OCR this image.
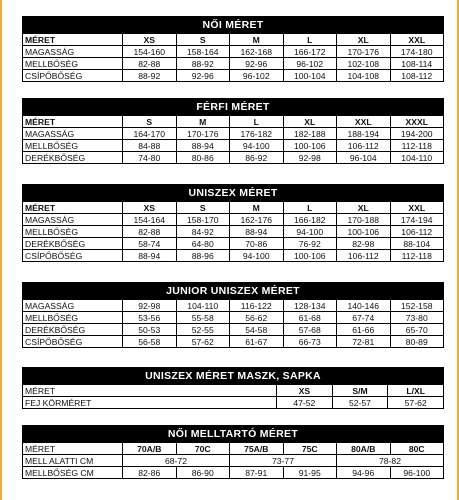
NŐI MÉRET						
MÉRET	XS	S	M	L	XL	XXL
MAGASSÁG	154-160	158-164	162-168	166-172	170-176	174-180
MELLBŐSÉG	82-88	88-92	92-96	96-102	102-108	108-114
CSÍPŐBŐSÉG	88-92	92-96	96-102	100-104	104-108	108-112
FÉRFI MÉRET						
MÉRET	S	M	L	XL	XXL	XXXL
MAGASSÁG	164-170	170-176	176-182	182-188	188-194	194-200
MELLBŐSÉG	84-88	88-94	94-100	100-106	106-112	112-118
DERÉKBŐSÉG	74-80	80-86	86-92	92-98	96-104	104-110
UNISZEX MÉRET						
MÉRET	XS	S	M	L	XL	XXL
MAGASSÁG	154-164	158-170	162-176	166-182	170-188	174-194
MELLBŐSÉG	82-88	84-92	88-94	94-100	100-106	106-112
DERÉKBŐSÉG	58-74	64-80	70-86	76-92	82-98	88-104
CSÍPŐBŐSÉG	88-94	88-96	94-100	100-106	106-112	112-118
JUNIOR UNISZEX MÉRET						
MAGASSÁG	92-98	104-110	116-122	128-134	140-146	152-158
MELLBŐSÉG	53-56	55-58	56-62	61-68	67-74	73-80
DERÉKBŐSÉG	50-53	52-55	54-58	57-68	61-66	65-70
CSÍPŐBŐSÉG	56-58	57-62	61-67	66-73	72-81	80-89
UNISZEX MÉRET MASZK, SAPKA			
MÉRET	XS	S/M	L/XL
FEJ KÖRMÉRET	47-52	52-57	57-62
NŐI MELLTARTÓ MÉRET						
MÉRET	70A/B	70C	75A/B	75C	80A/B	80C
MELL ALATTI CM	68-72		73-77		78-82	
MELLBŐSÉG CM	82-86	86-90	87-91	91-95	94-96	96-100
